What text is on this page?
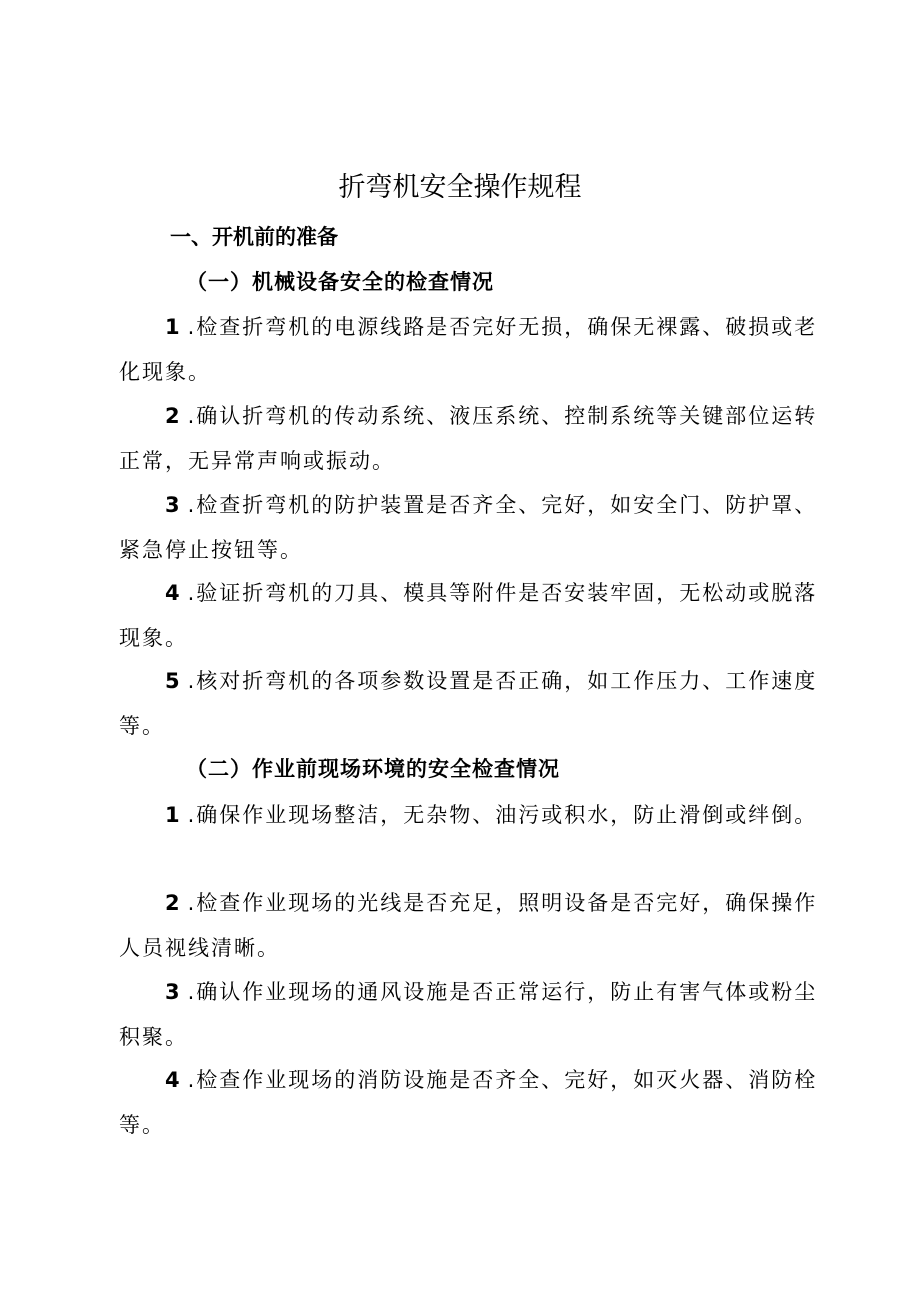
折弯机安全操作规程
一、开机前的准备
（一）机械设备安全的检查情况

1 .检查折弯机的电源线路是否完好无损，确保无裸露、破损或老化现象。

2 .确认折弯机的传动系统、液压系统、控制系统等关键部位运转正常，无异常声响或振动。

3 .检查折弯机的防护装置是否齐全、完好，如安全门、防护罩、紧急停止按钮等。

4 .验证折弯机的刀具、模具等附件是否安装牢固，无松动或脱落现象。

5 .核对折弯机的各项参数设置是否正确，如工作压力、工作速度等。

（二）作业前现场环境的安全检查情况

1 .确保作业现场整洁，无杂物、油污或积水，防止滑倒或绊倒。

2 .检查作业现场的光线是否充足，照明设备是否完好，确保操作人员视线清晰。

3 .确认作业现场的通风设施是否正常运行，防止有害气体或粉尘积聚。

4 .检查作业现场的消防设施是否齐全、完好，如灭火器、消防栓等。
